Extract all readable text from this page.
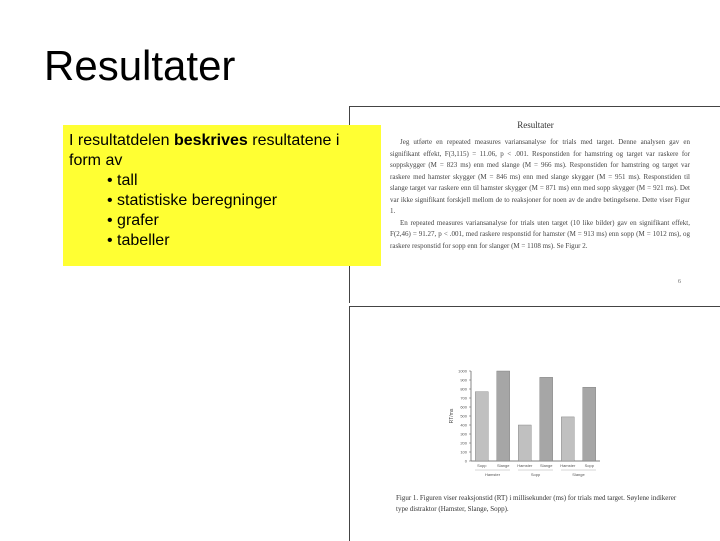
Resultater

I resultatdelen beskrives resultatene i form av

• tall
• statistiske beregninger
• grafer
• tabeller
Resultater

Jeg utførte en repeated measures variansanalyse for trials med target. Denne analysen gav en signifikant effekt, F(3,115) = 11.06, p < .001. Responstiden for hamstring og target var raskere for soppskygger (M = 823 ms) enn med slange (M = 966 ms). Responstiden for hamstring og target var raskere med hamster skygger (M = 846 ms) enn med slange skygger (M = 951 ms). Responstiden til slange target var raskere enn til hamster skygger (M = 871 ms) enn med sopp skygger (M = 921 ms). Det var ikke signifikant forskjell mellom de to reaksjoner for noen av de andre betingelsene. Dette viser Figur 1.

En repeated measures variansanalyse for trials uten target (10 like bilder) gav en signifikant effekt, F(2,46) = 91.27, p < .001, med raskere responstid for hamster (M = 913 ms) enn sopp (M = 1012 ms), og raskere responstid for sopp enn for slanger (M = 1108 ms). Se Figur 2.

6
0
100
200
300
400
500
600
700
800
900
1000
RT/ms
Sopp	Slange Hamster Slange Hamster Sopp
Hamster	Sopp	Slange
Figur 1. Figuren viser reaksjonstid (RT) i millisekunder (ms) for trials med target. Søylene indikerer type distraktor (Hamster, Slange, Sopp).
